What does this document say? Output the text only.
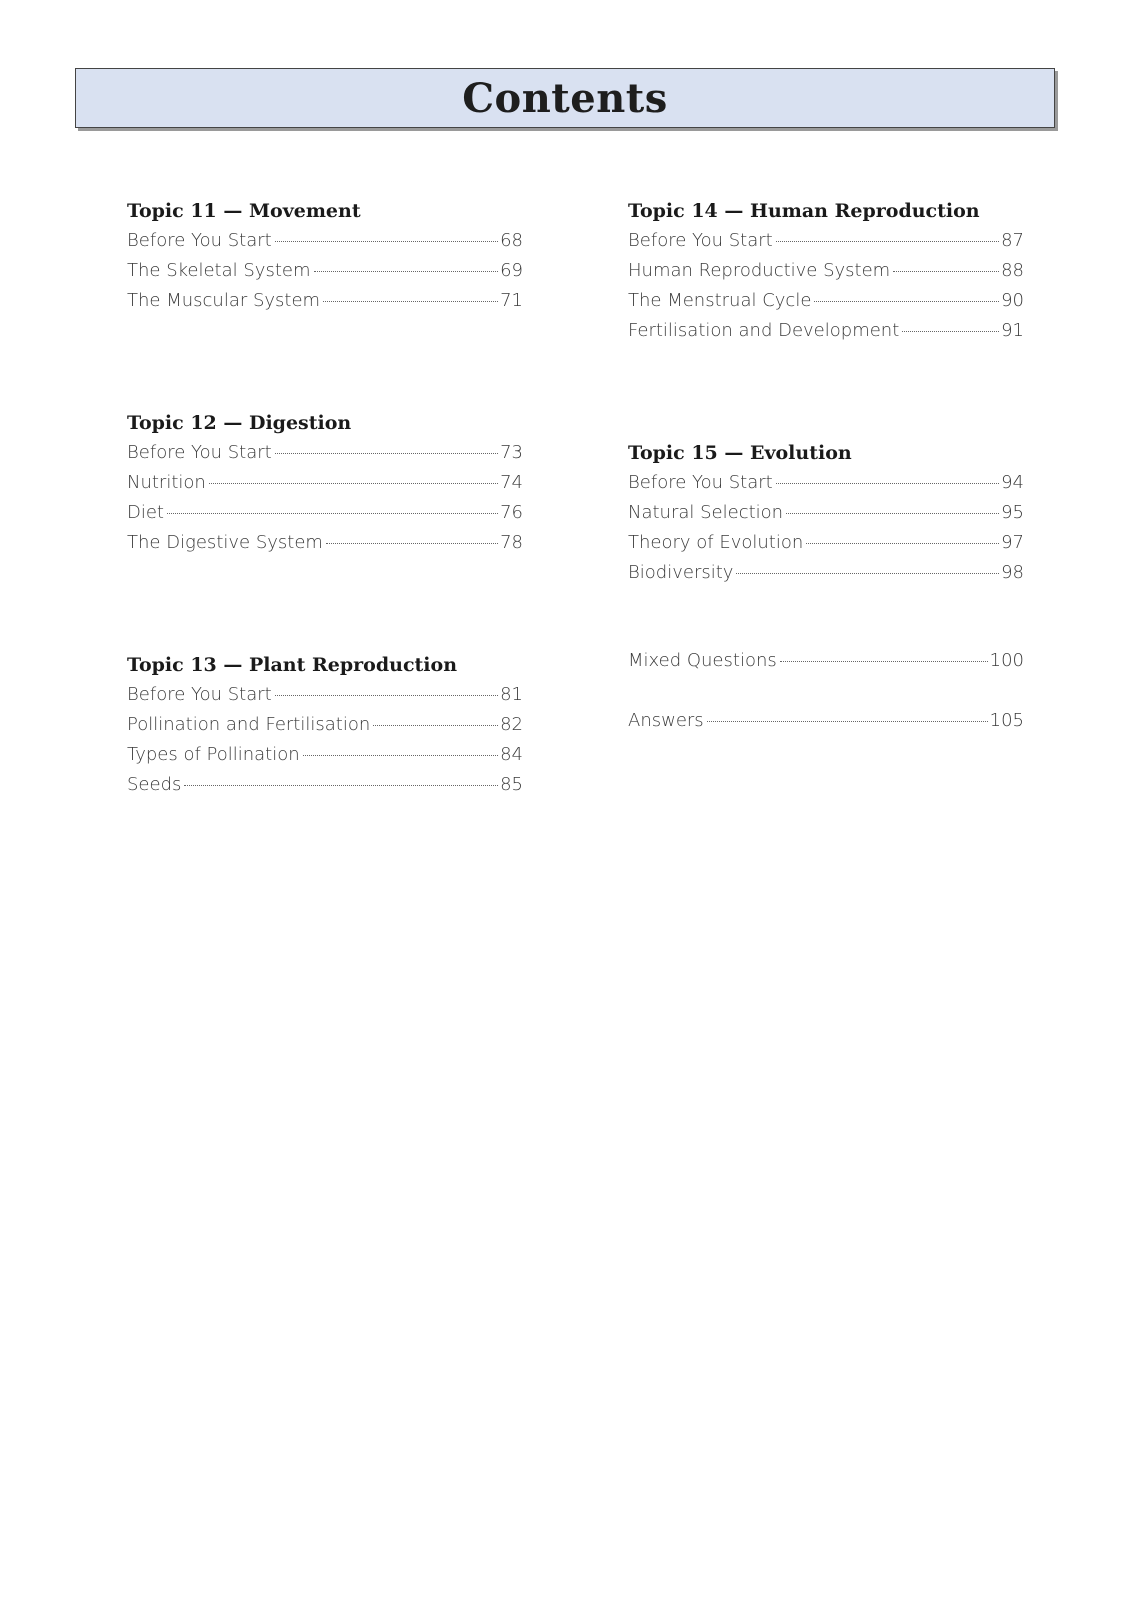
Contents
Topic 11 — Movement
Before You Start	68
The Skeletal System	69
The Muscular System	71
Topic 12 — Digestion
Before You Start	73
Nutrition	74
Diet	76
The Digestive System	78
Topic 13 — Plant Reproduction
Before You Start	81
Pollination and Fertilisation	82
Types of Pollination	84
Seeds	85
Topic 14 — Human Reproduction
Before You Start	87
Human Reproductive System	88
The Menstrual Cycle	90
Fertilisation and Development	91
Topic 15 — Evolution
Before You Start	94
Natural Selection	95
Theory of Evolution	97
Biodiversity	98
Mixed Questions	100
Answers	105
